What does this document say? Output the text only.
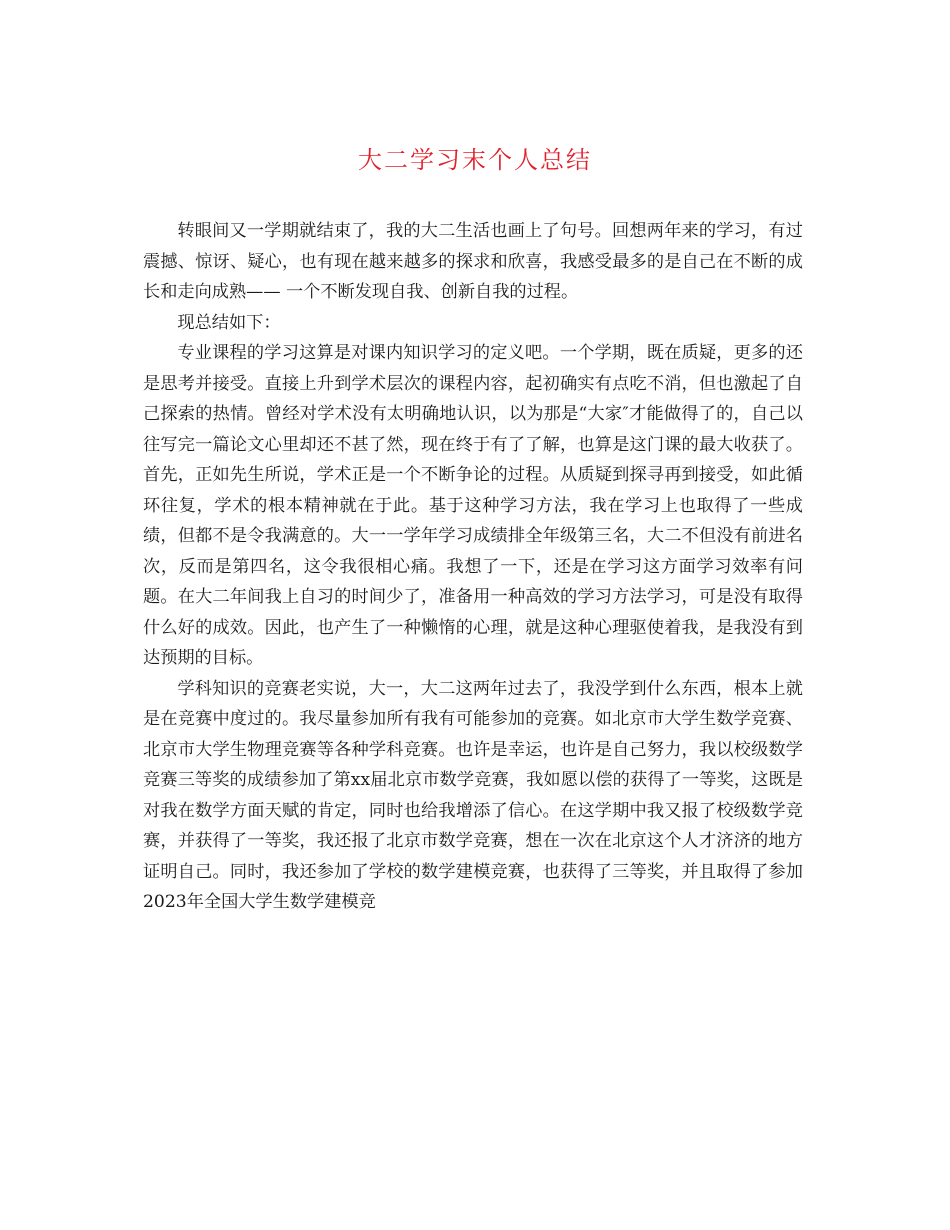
大二学习末个人总结

转眼间又一学期就结束了，我的大二生活也画上了句号。回想两年来的学习，有过震撼、惊讶、疑心，也有现在越来越多的探求和欣喜，我感受最多的是自己在不断的成长和走向成熟—— 一个不断发现自我、创新自我的过程。

现总结如下：

专业课程的学习这算是对课内知识学习的定义吧。一个学期，既在质疑，更多的还是思考并接受。直接上升到学术层次的课程内容，起初确实有点吃不消，但也激起了自己探索的热情。曾经对学术没有太明确地认识，以为那是“大家″才能做得了的，自己以往写完一篇论文心里却还不甚了然，现在终于有了了解，也算是这门课的最大收获了。首先，正如先生所说，学术正是一个不断争论的过程。从质疑到探寻再到接受，如此循环往复，学术的根本精神就在于此。基于这种学习方法，我在学习上也取得了一些成绩，但都不是令我满意的。大一一学年学习成绩排全年级第三名，大二不但没有前进名次，反而是第四名，这令我很相心痛。我想了一下，还是在学习这方面学习效率有问题。在大二年间我上自习的时间少了，准备用一种高效的学习方法学习，可是没有取得什么好的成效。因此，也产生了一种懒惰的心理，就是这种心理驱使着我，是我没有到达预期的目标。

学科知识的竞赛老实说，大一，大二这两年过去了，我没学到什么东西，根本上就是在竞赛中度过的。我尽量参加所有我有可能参加的竞赛。如北京市大学生数学竞赛、北京市大学生物理竞赛等各种学科竞赛。也许是幸运，也许是自己努力，我以校级数学竞赛三等奖的成绩参加了第xx届北京市数学竞赛，我如愿以偿的获得了一等奖，这既是对我在数学方面天赋的肯定，同时也给我增添了信心。在这学期中我又报了校级数学竞赛，并获得了一等奖，我还报了北京市数学竞赛，想在一次在北京这个人才济济的地方证明自己。同时，我还参加了学校的数学建模竞赛，也获得了三等奖，并且取得了参加2023年全国大学生数学建模竞
